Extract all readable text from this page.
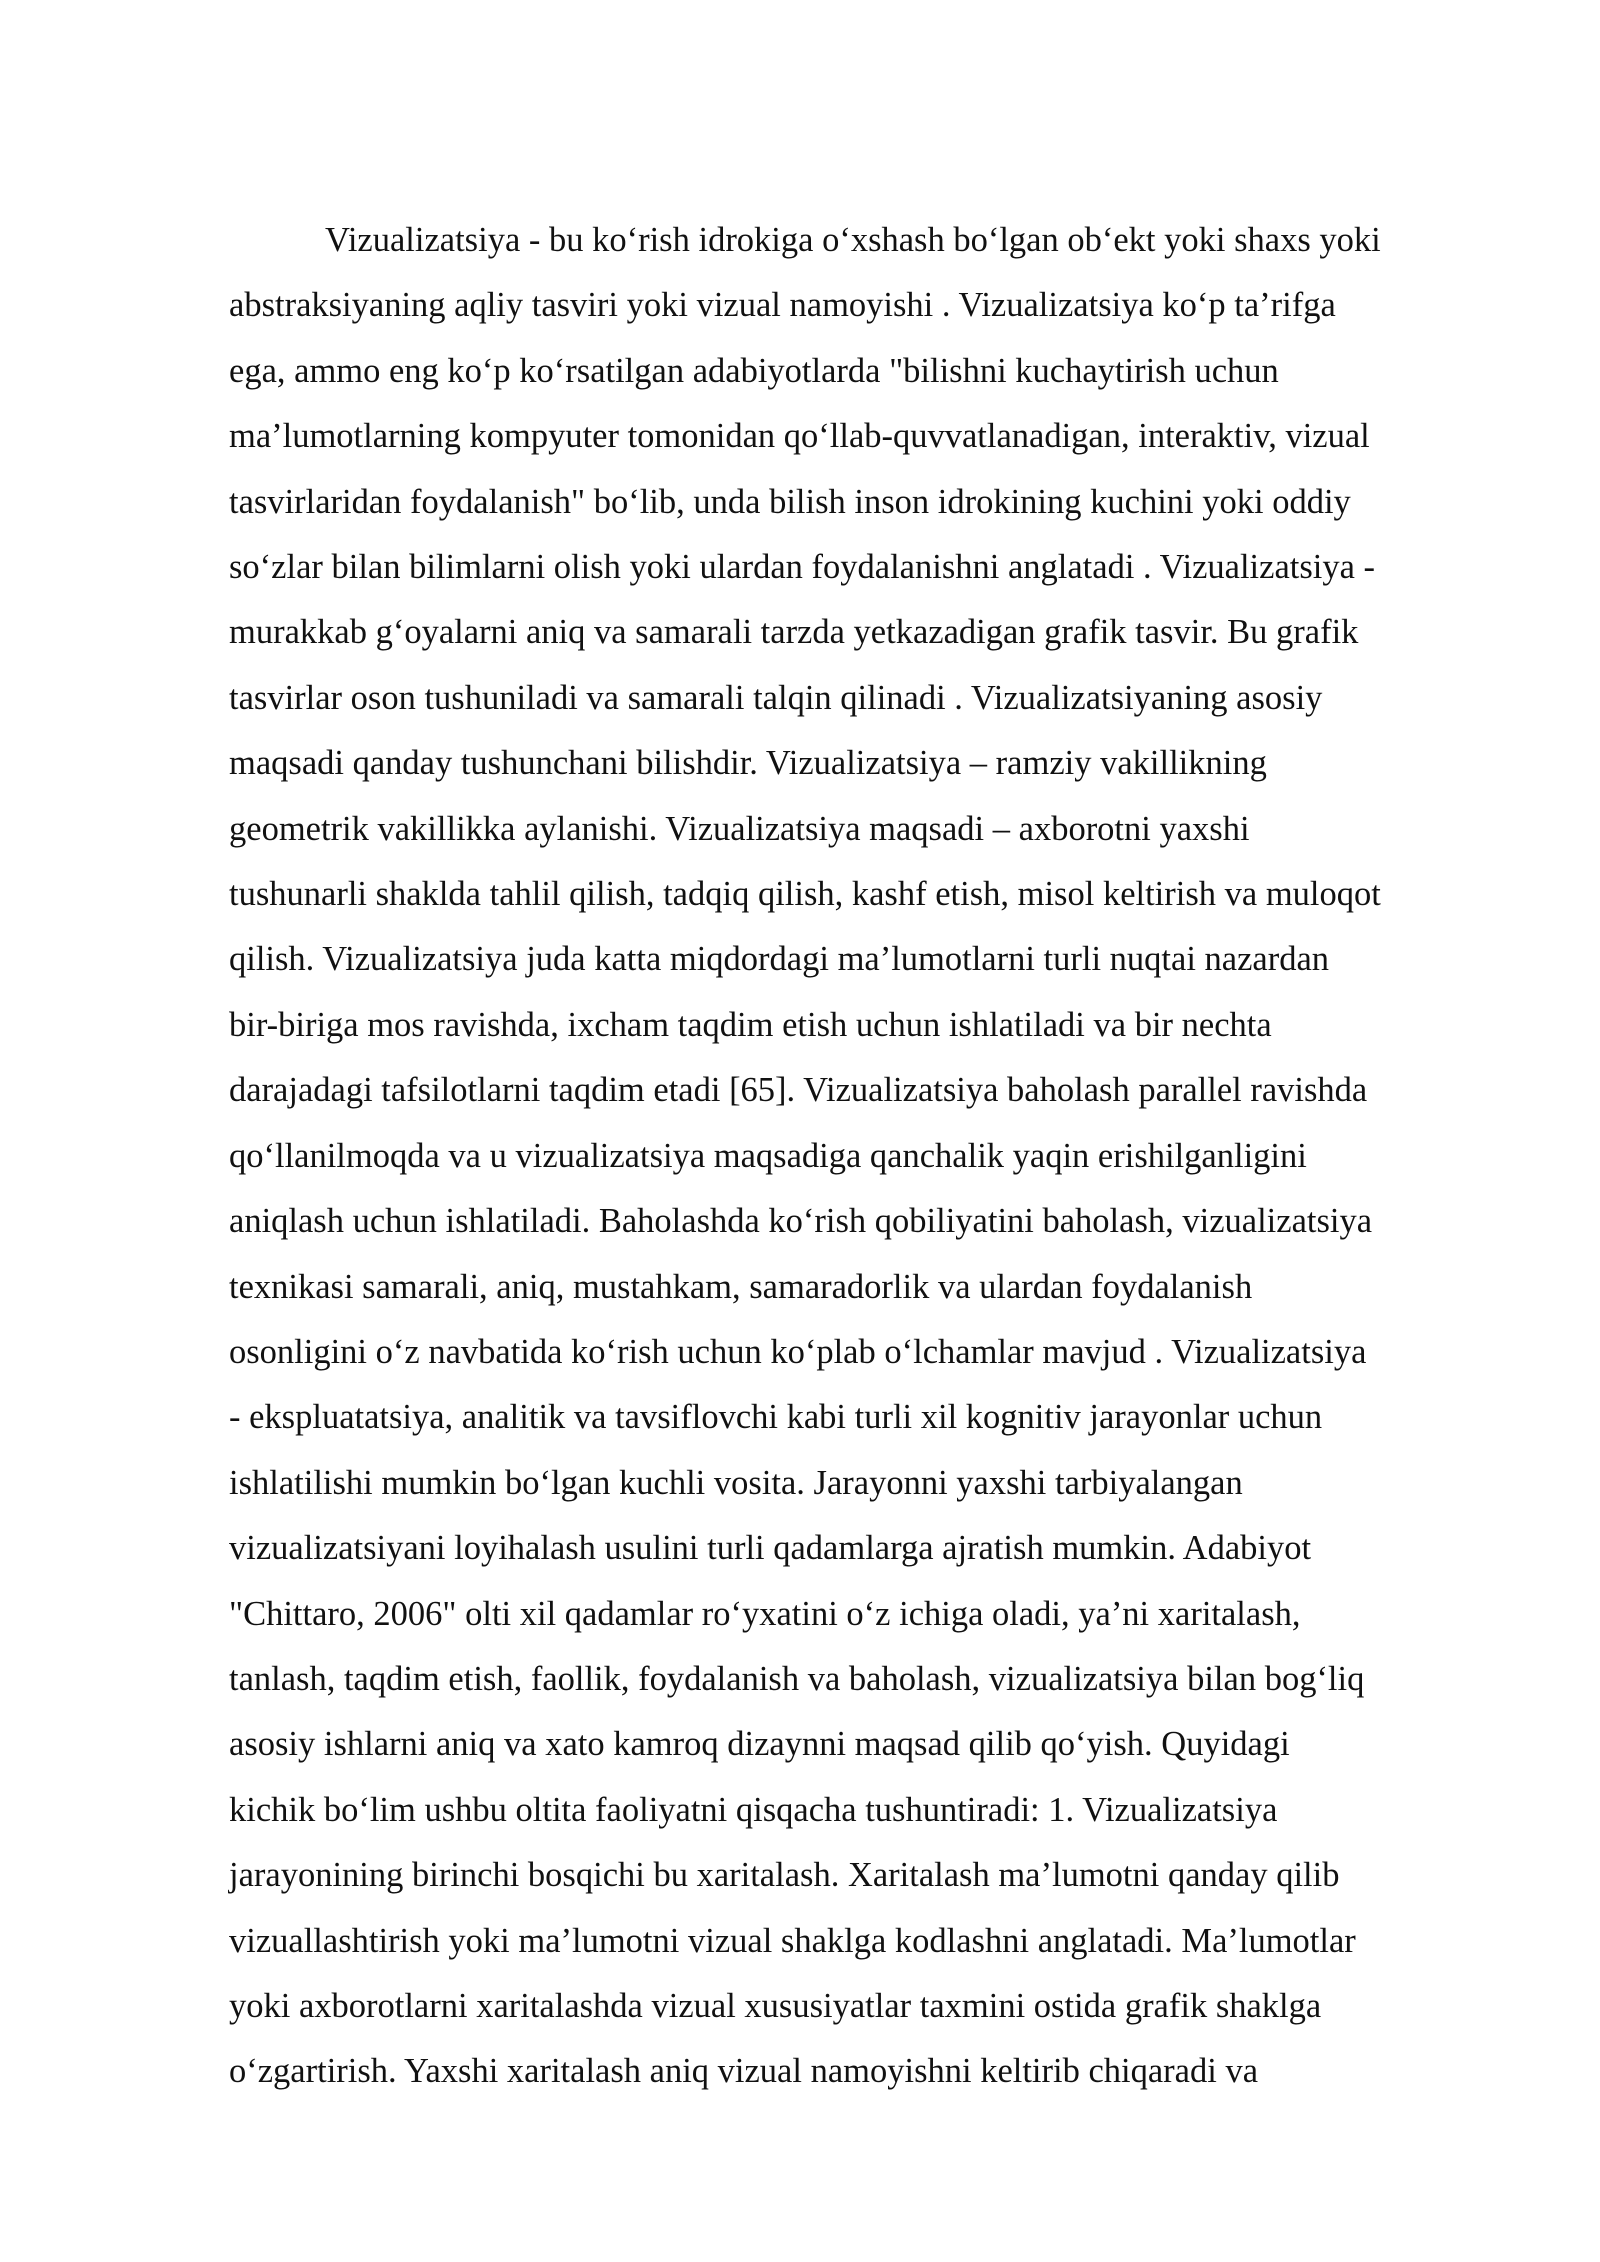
Vizualizatsiya - bu ko‘rish idrokiga o‘xshash bo‘lgan ob‘ekt yoki shaxs yoki
abstraksiyaning aqliy tasviri yoki vizual namoyishi . Vizualizatsiya ko‘p ta’rifga
ega, ammo eng ko‘p ko‘rsatilgan adabiyotlarda "bilishni kuchaytirish uchun
ma’lumotlarning kompyuter tomonidan qo‘llab-quvvatlanadigan, interaktiv, vizual
tasvirlaridan foydalanish" bo‘lib, unda bilish inson idrokining kuchini yoki oddiy
so‘zlar bilan bilimlarni olish yoki ulardan foydalanishni anglatadi . Vizualizatsiya -
murakkab g‘oyalarni aniq va samarali tarzda yetkazadigan grafik tasvir. Bu grafik
tasvirlar oson tushuniladi va samarali talqin qilinadi . Vizualizatsiyaning asosiy
maqsadi qanday tushunchani bilishdir. Vizualizatsiya – ramziy vakillikning
geometrik vakillikka aylanishi. Vizualizatsiya maqsadi – axborotni yaxshi
tushunarli shakldа tahlil qilish, tadqiq qilish, kashf etish, misol keltirish va muloqot
qilish. Vizualizatsiya juda katta miqdordagi ma’lumotlarni turli nuqtai nazardan
bir-biriga mos ravishda, ixcham taqdim etish uchun ishlatiladi va bir nechta
darajadagi tafsilotlarni taqdim etadi [65]. Vizualizatsiya baholash parallel ravishda
qo‘llanilmoqda va u vizualizatsiya maqsadiga qanchalik yaqin erishilganligini
aniqlash uchun ishlatiladi. Baholashda ko‘rish qobiliyatini baholash, vizualizatsiya
texnikasi samarali, aniq, mustahkam, samaradorlik va ulardan foydalanish
osonligini o‘z navbatida ko‘rish uchun ko‘plab o‘lchamlar mavjud . Vizualizatsiya
- ekspluatatsiya, analitik va tavsiflovchi kabi turli xil kognitiv jarayonlar uchun
ishlatilishi mumkin bo‘lgan kuchli vosita. Jarayonni yaxshi tarbiyalangan
vizualizatsiyani loyihalash usulini turli qadamlarga ajratish mumkin. Adabiyot
"Chittaro, 2006" olti xil qadamlar ro‘yxatini o‘z ichiga oladi, ya’ni xaritalash,
tanlash, taqdim etish, faollik, foydalanish va baholash, vizualizatsiya bilan bog‘liq
asosiy ishlarni aniq va xato kamroq dizaynni maqsad qilib qo‘yish. Quyidagi
kichik bo‘lim ushbu oltita faoliyatni qisqacha tushuntiradi: 1. Vizualizatsiya
jarayonining birinchi bosqichi bu xaritalash. Xaritalash ma’lumotni qanday qilib
vizuallashtirish yoki ma’lumotni vizual shaklga kodlashni anglatadi. Ma’lumotlar
yoki axborotlarni xaritalashda vizual xususiyatlar taxmini ostida grafik shaklga
o‘zgartirish. Yaxshi xaritalash aniq vizual namoyishni keltirib chiqaradi va
